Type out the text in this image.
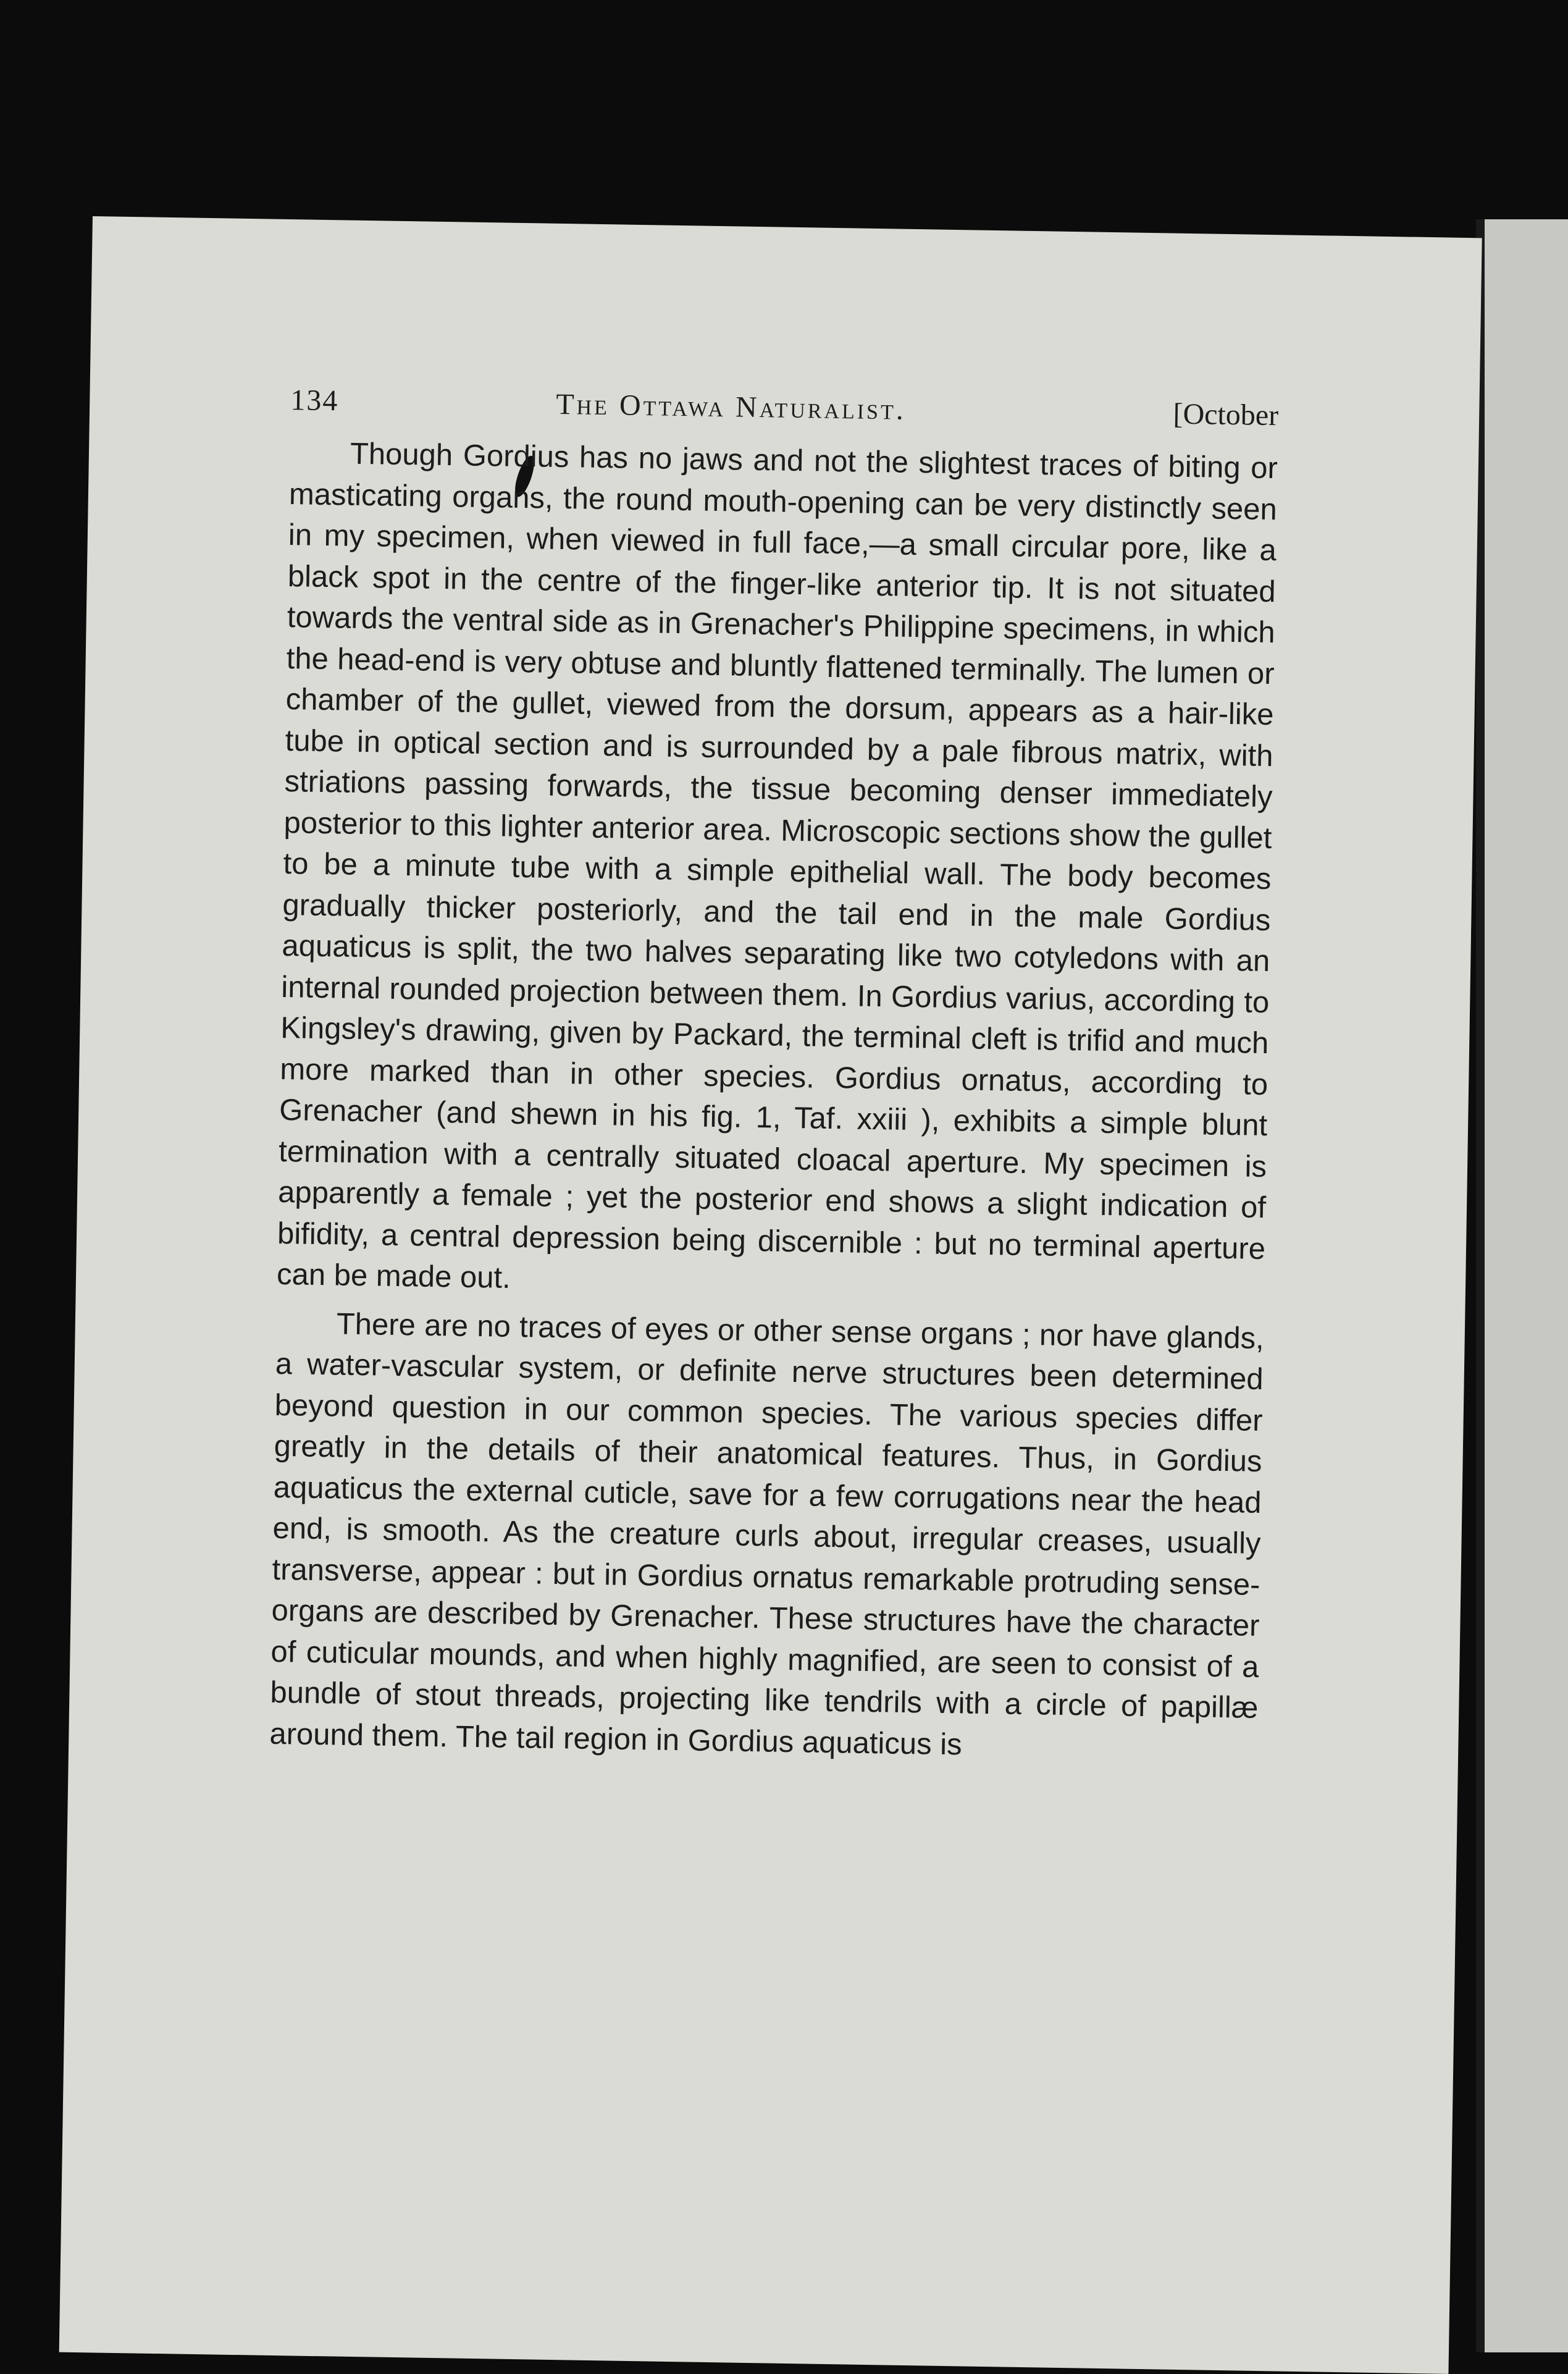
134	The Ottawa Naturalist.	[October

Though Gordius has no jaws and not the slightest traces of biting or masticating organs, the round mouth-opening can be very distinctly seen in my specimen, when viewed in full face,—a small circular pore, like a black spot in the centre of the finger-like anterior tip. It is not situated towards the ventral side as in Grenacher's Philippine specimens, in which the head-end is very obtuse and bluntly flattened terminally. The lumen or chamber of the gullet, viewed from the dorsum, appears as a hair-like tube in optical section and is surrounded by a pale fibrous matrix, with striations passing forwards, the tissue becoming denser immediately posterior to this lighter anterior area. Microscopic sections show the gullet to be a minute tube with a simple epithelial wall. The body becomes gradually thicker posteriorly, and the tail end in the male Gordius aquaticus is split, the two halves separating like two cotyledons with an internal rounded projection between them. In Gordius varius, according to Kingsley's drawing, given by Packard, the terminal cleft is trifid and much more marked than in other species. Gordius ornatus, according to Grenacher (and shewn in his fig. 1, Taf. xxiii ), exhibits a simple blunt termination with a centrally situated cloacal aperture. My specimen is apparently a female ; yet the posterior end shows a slight indication of bifidity, a central depression being discernible : but no terminal aperture can be made out.

There are no traces of eyes or other sense organs ; nor have glands, a water-vascular system, or definite nerve structures been determined beyond question in our common species. The various species differ greatly in the details of their anatomical features. Thus, in Gordius aquaticus the external cuticle, save for a few corrugations near the head end, is smooth. As the creature curls about, irregular creases, usually transverse, appear : but in Gordius ornatus remarkable protruding sense-organs are described by Grenacher. These structures have the character of cuticular mounds, and when highly magnified, are seen to consist of a bundle of stout threads, projecting like tendrils with a circle of papillæ around them. The tail region in Gordius aquaticus is
